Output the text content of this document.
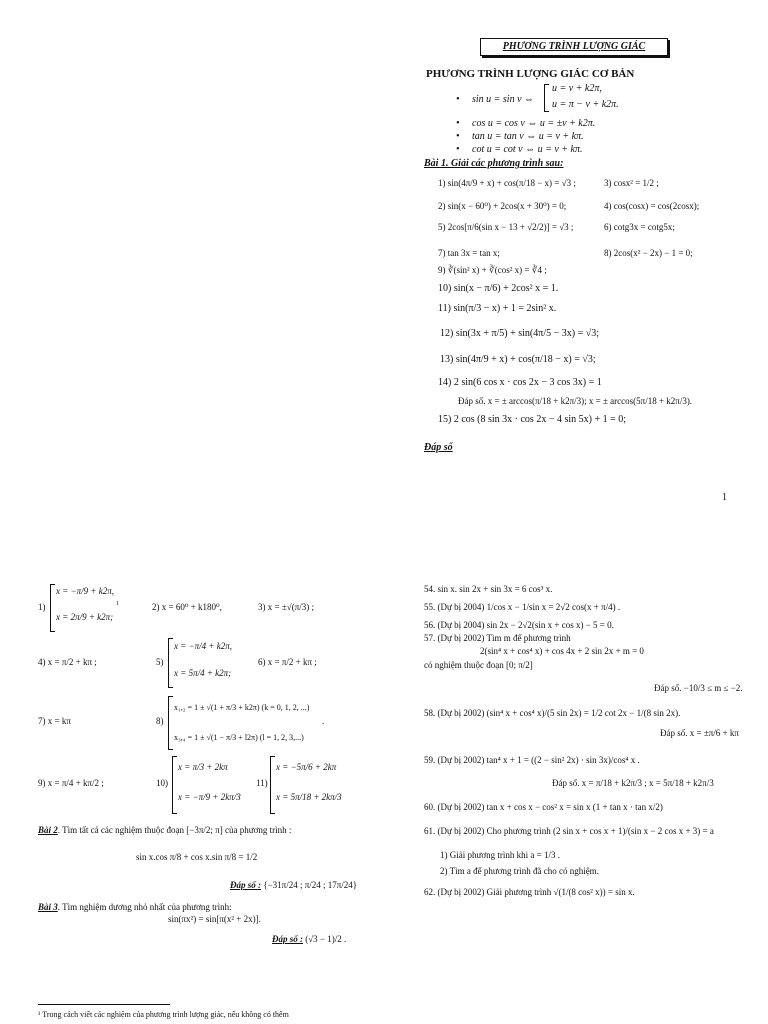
PHƯƠNG TRÌNH LƯỢNG GIÁC
PHƯƠNG TRÌNH LƯỢNG GIÁC CƠ BẢN
• sin u = sin v ⇔
u = v + k2π,
u = π − v + k2π.
• cos u = cos v ⇔ u = ±v + k2π.
• tan u = tan v ⇔ u = v + kπ.
• cot u = cot v ⇔ u = v + kπ.
Bài 1. Giải các phương trình sau:
1) sin(4π/9 + x) + cos(π/18 − x) = √3 ;	3) cosx² = 1/2 ;
2) sin(x − 60⁰) + 2cos(x + 30⁰) = 0;	4) cos(cosx) = cos(2cosx);
5) 2cos[π/6(sin x − 13 + √2/2)] = √3 ;	6) cotg3x = cotg5x;
7) tan 3x = tan x;	8) 2cos(x² − 2x) − 1 = 0;
9) ∛(sin² x) + ∛(cos² x) = ∛4 ;
10) sin(x − π/6) + 2cos² x = 1.
11) sin(π/3 − x) + 1 = 2sin² x.
12) sin(3x + π/5) + sin(4π/5 − 3x) = √3;
13) sin(4π/9 + x) + cos(π/18 − x) = √3;
14) 2 sin(6 cos x · cos 2x − 3 cos 3x) = 1
Đáp số. x = ± arccos(π/18 + k2π/3); x = ± arccos(5π/18 + k2π/3).
15) 2 cos (8 sin 3x · cos 2x − 4 sin 5x) + 1 = 0;
Đáp số
1
1)
x = −π/9 + k2π,
x = 2π/9 + k2π;
1	2) x = 60⁰ + k180⁰,	3) x = ±√(π/3) ;
4) x = π/2 + kπ ;	5)
x = −π/4 + k2π,
x = 5π/4 + k2π;
6) x = π/2 + kπ ;
7) x = kπ	8)
x₁,₂ = 1 ± √(1 + π/3 + k2π) (k = 0, 1, 2, ...)
x₃,₄ = 1 ± √(1 − π/3 + l2π) (l = 1, 2, 3,...)
.
9) x = π/4 + kπ/2 ;	10)
x = π/3 + 2kπ
x = −π/9 + 2kπ/3
11)
x = −5π/6 + 2kπ
x = 5π/18 + 2kπ/3
Bài 2. Tìm tất cả các nghiệm thuộc đoạn [−3π/2; π] của phương trình :
sin x.cos π/8 + cos x.sin π/8 = 1/2
Đáp số : {−31π/24 ; π/24 ; 17π/24}
Bài 3. Tìm nghiệm dương nhỏ nhất của phương trình:
sin(πx²) = sin[π(x² + 2x)].
Đáp số : (√3 − 1)/2 .
¹ Trong cách viết các nghiệm của phương trình lượng giác, nếu không có thêm
54. sin x. sin 2x + sin 3x = 6 cos³ x.
55. (Dự bị 2004) 1/cos x − 1/sin x = 2√2 cos(x + π/4) .
56. (Dự bị 2004) sin 2x − 2√2(sin x + cos x) − 5 = 0.
57. (Dự bị 2002) Tìm m để phương trình
2(sin⁴ x + cos⁴ x) + cos 4x + 2 sin 2x + m = 0
có nghiệm thuộc đoạn [0; π/2]
Đáp số. −10/3 ≤ m ≤ −2.
58. (Dự bị 2002) (sin⁴ x + cos⁴ x)/(5 sin 2x) = 1/2 cot 2x − 1/(8 sin 2x).
Đáp số. x = ±π/6 + kπ
59. (Dự bị 2002) tan⁴ x + 1 = ((2 − sin² 2x) · sin 3x)/cos⁴ x .
Đáp số. x = π/18 + k2π/3 ; x = 5π/18 + k2π/3
60. (Dự bị 2002) tan x + cos x − cos² x = sin x (1 + tan x · tan x/2)
61. (Dự bị 2002) Cho phương trình (2 sin x + cos x + 1)/(sin x − 2 cos x + 3) = a
1) Giải phương trình khi a = 1/3 .
2) Tìm a để phương trình đã cho có nghiệm.
62. (Dự bị 2002) Giải phương trình √(1/(8 cos² x)) = sin x.
